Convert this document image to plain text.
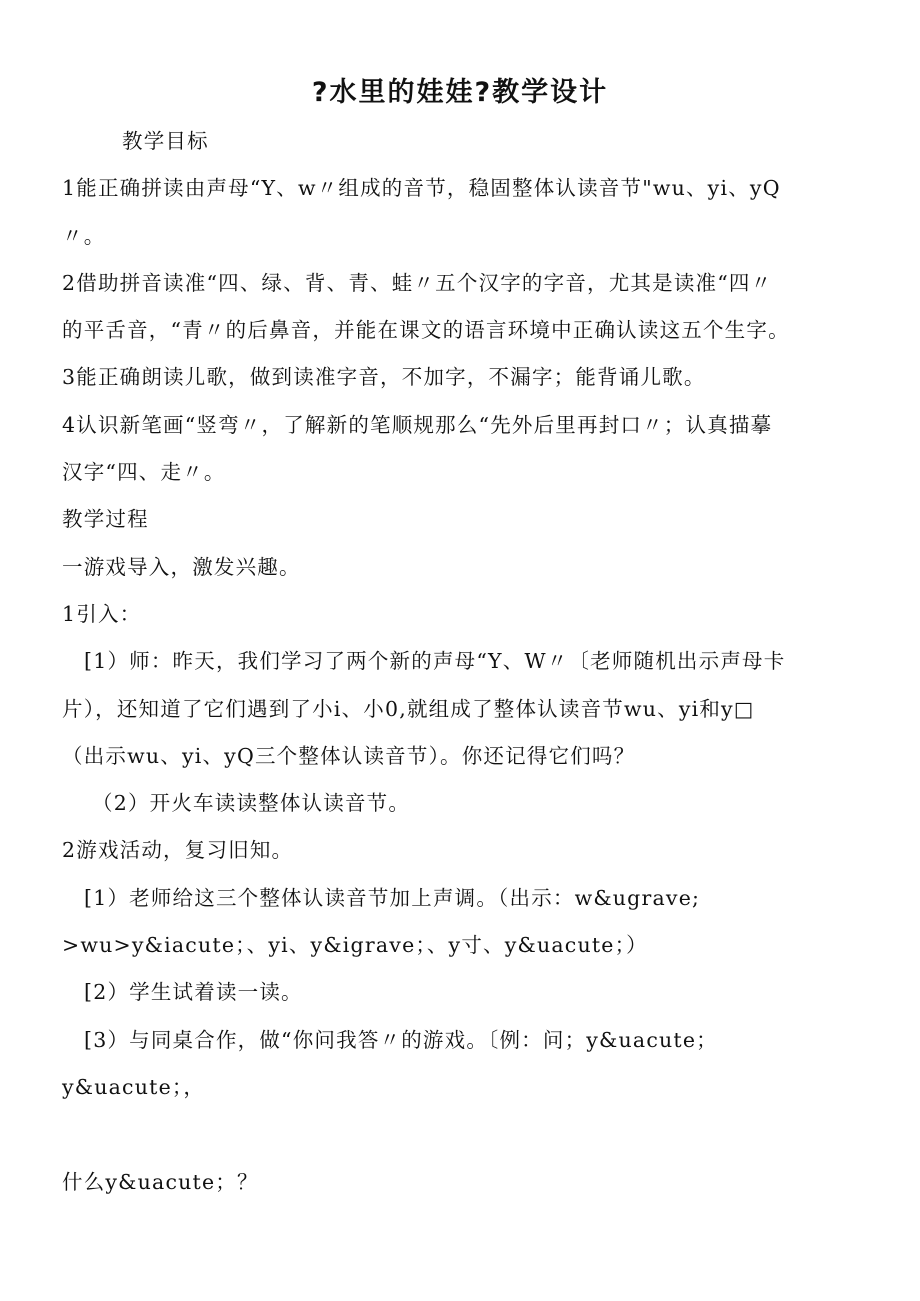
?水里的娃娃?教学设计
教学目标
1能正确拼读由声母“Y、w〃组成的音节，稳固整体认读音节"wu、yi、yQ
〃。
2借助拼音读准“四、绿、背、青、蛙〃五个汉字的字音，尤其是读准“四〃
的平舌音，“青〃的后鼻音，并能在课文的语言环境中正确认读这五个生字。
3能正确朗读儿歌，做到读准字音，不加字，不漏字；能背诵儿歌。
4认识新笔画“竖弯〃，了解新的笔顺规那么“先外后里再封口〃；认真描摹
汉字“四、走〃。
教学过程
一游戏导入，激发兴趣。
1引入：
[1）师：昨天，我们学习了两个新的声母“Y、W〃〔老师随机出示声母卡
片），还知道了它们遇到了小i、小0,就组成了整体认读音节wu、yi和y□
（出示wu、yi、yQ三个整体认读音节）。你还记得它们吗？
（2）开火车读读整体认读音节。
2游戏活动，复习旧知。
[1）老师给这三个整体认读音节加上声调。（出示：w&ugrave;
>wu>y&iacute；、yi、y&igrave；、y寸、y&uacute；）
[2）学生试着读一读。
[3）与同桌合作，做“你问我答〃的游戏。〔例：问；y&uacute；
y&uacute；，
什么y&uacute；？
